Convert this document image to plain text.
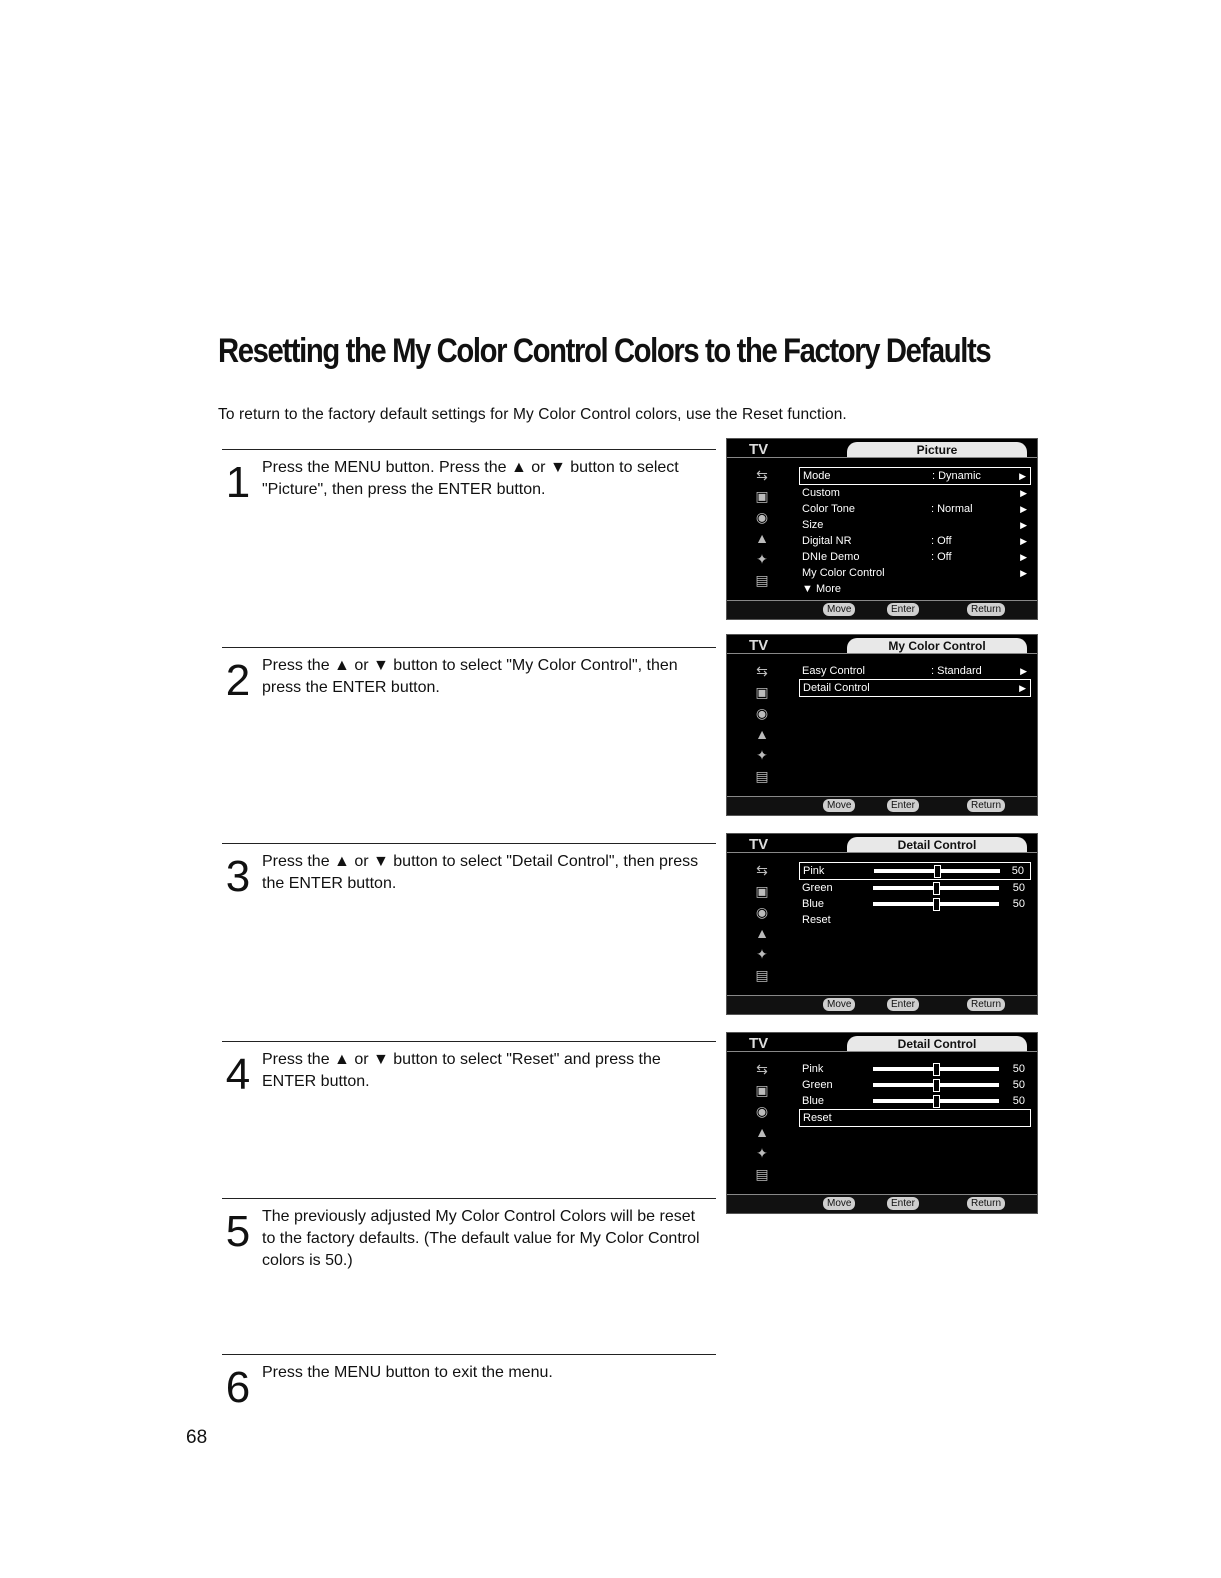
Resetting the My Color Control Colors to the Factory Defaults
To return to the factory default settings for My Color Control colors, use the Reset function.
1 Press the MENU button. Press the ▲ or ▼ button to select "Picture", then press the ENTER button.
2 Press the ▲ or ▼ button to select "My Color Control", then press the ENTER button.
3 Press the ▲ or ▼ button to select "Detail Control", then press the ENTER button.
4 Press the ▲ or ▼ button to select "Reset" and press the ENTER button.
5 The previously adjusted My Color Control Colors will be reset to the factory defaults. (The default value for My Color Control colors is 50.)
6 Press the MENU button to exit the menu.
68
TV	Picture
⇆
▣
◉
▲
✦
▤
Mode	: Dynamic	▶
Custom	▶
Color Tone	: Normal	▶
Size	▶
Digital NR	: Off	▶
DNIe Demo	: Off	▶
My Color Control	▶
▼ More
Move	Enter	Return
TV	My Color Control
⇆
▣
◉
▲
✦
▤
Easy Control	: Standard	▶
Detail Control	▶
Move	Enter	Return
TV	Detail Control
⇆
▣
◉
▲
✦
▤
Pink	50
Green	50
Blue	50
Reset
Move	Enter	Return
TV	Detail Control
⇆
▣
◉
▲
✦
▤
Pink	50
Green	50
Blue	50
Reset
Move	Enter	Return
